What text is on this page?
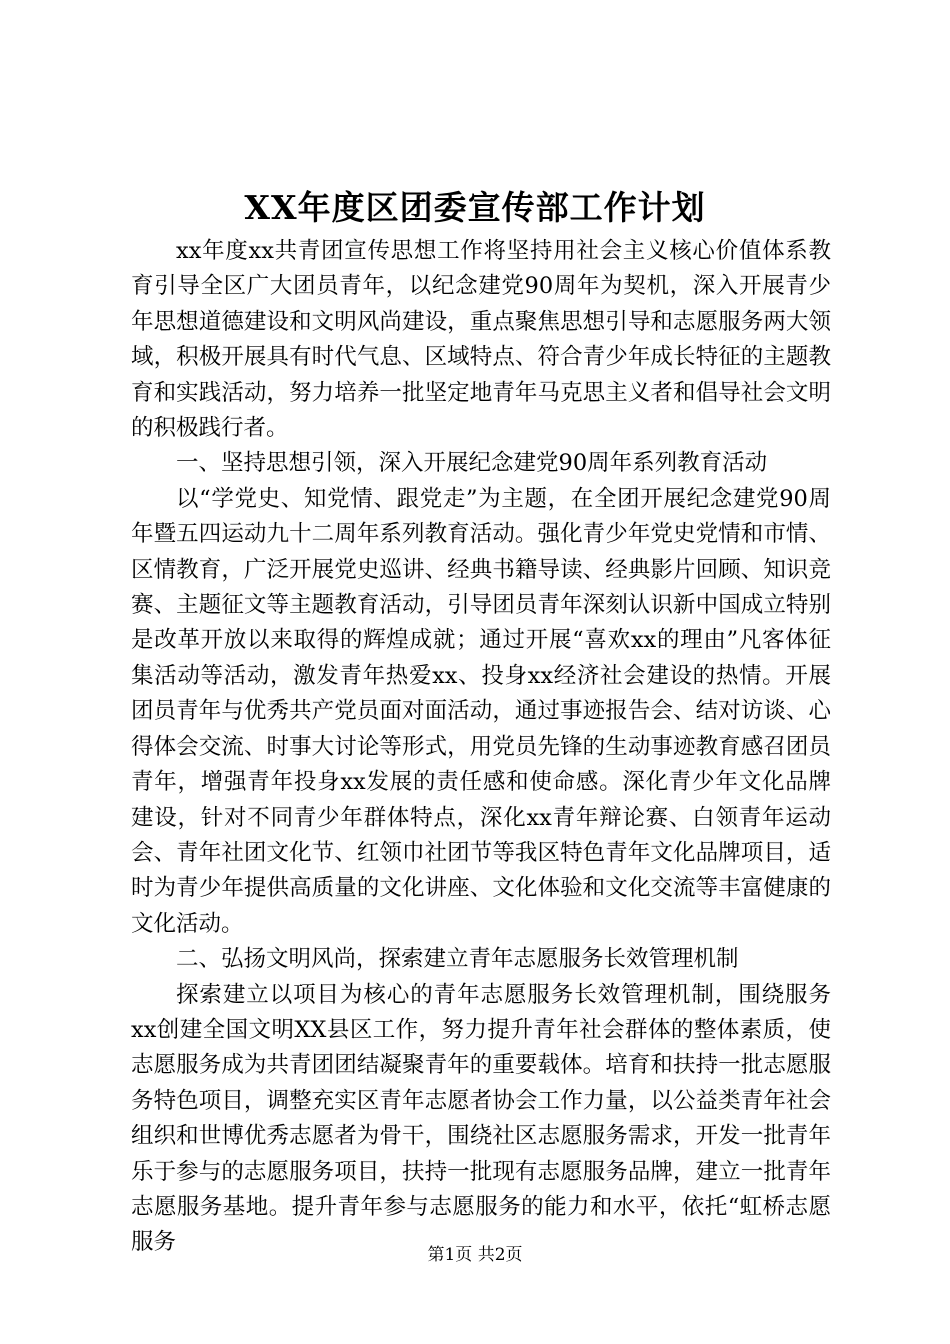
XX年度区团委宣传部工作计划

xx年度xx共青团宣传思想工作将坚持用社会主义核心价值体系教育引导全区广大团员青年，以纪念建党90周年为契机，深入开展青少年思想道德建设和文明风尚建设，重点聚焦思想引导和志愿服务两大领域，积极开展具有时代气息、区域特点、符合青少年成长特征的主题教育和实践活动，努力培养一批坚定地青年马克思主义者和倡导社会文明的积极践行者。

一、坚持思想引领，深入开展纪念建党90周年系列教育活动

以“学党史、知党情、跟党走”为主题，在全团开展纪念建党90周年暨五四运动九十二周年系列教育活动。强化青少年党史党情和市情、区情教育，广泛开展党史巡讲、经典书籍导读、经典影片回顾、知识竞赛、主题征文等主题教育活动，引导团员青年深刻认识新中国成立特别是改革开放以来取得的辉煌成就；通过开展“喜欢xx的理由”凡客体征集活动等活动，激发青年热爱xx、投身xx经济社会建设的热情。开展团员青年与优秀共产党员面对面活动，通过事迹报告会、结对访谈、心得体会交流、时事大讨论等形式，用党员先锋的生动事迹教育感召团员青年，增强青年投身xx发展的责任感和使命感。深化青少年文化品牌建设，针对不同青少年群体特点，深化xx青年辩论赛、白领青年运动会、青年社团文化节、红领巾社团节等我区特色青年文化品牌项目，适时为青少年提供高质量的文化讲座、文化体验和文化交流等丰富健康的文化活动。

二、弘扬文明风尚，探索建立青年志愿服务长效管理机制

探索建立以项目为核心的青年志愿服务长效管理机制，围绕服务xx创建全国文明XX县区工作，努力提升青年社会群体的整体素质，使志愿服务成为共青团团结凝聚青年的重要载体。培育和扶持一批志愿服务特色项目，调整充实区青年志愿者协会工作力量，以公益类青年社会组织和世博优秀志愿者为骨干，围绕社区志愿服务需求，开发一批青年乐于参与的志愿服务项目，扶持一批现有志愿服务品牌，建立一批青年志愿服务基地。提升青年参与志愿服务的能力和水平，依托“虹桥志愿服务	第1页 共2页
